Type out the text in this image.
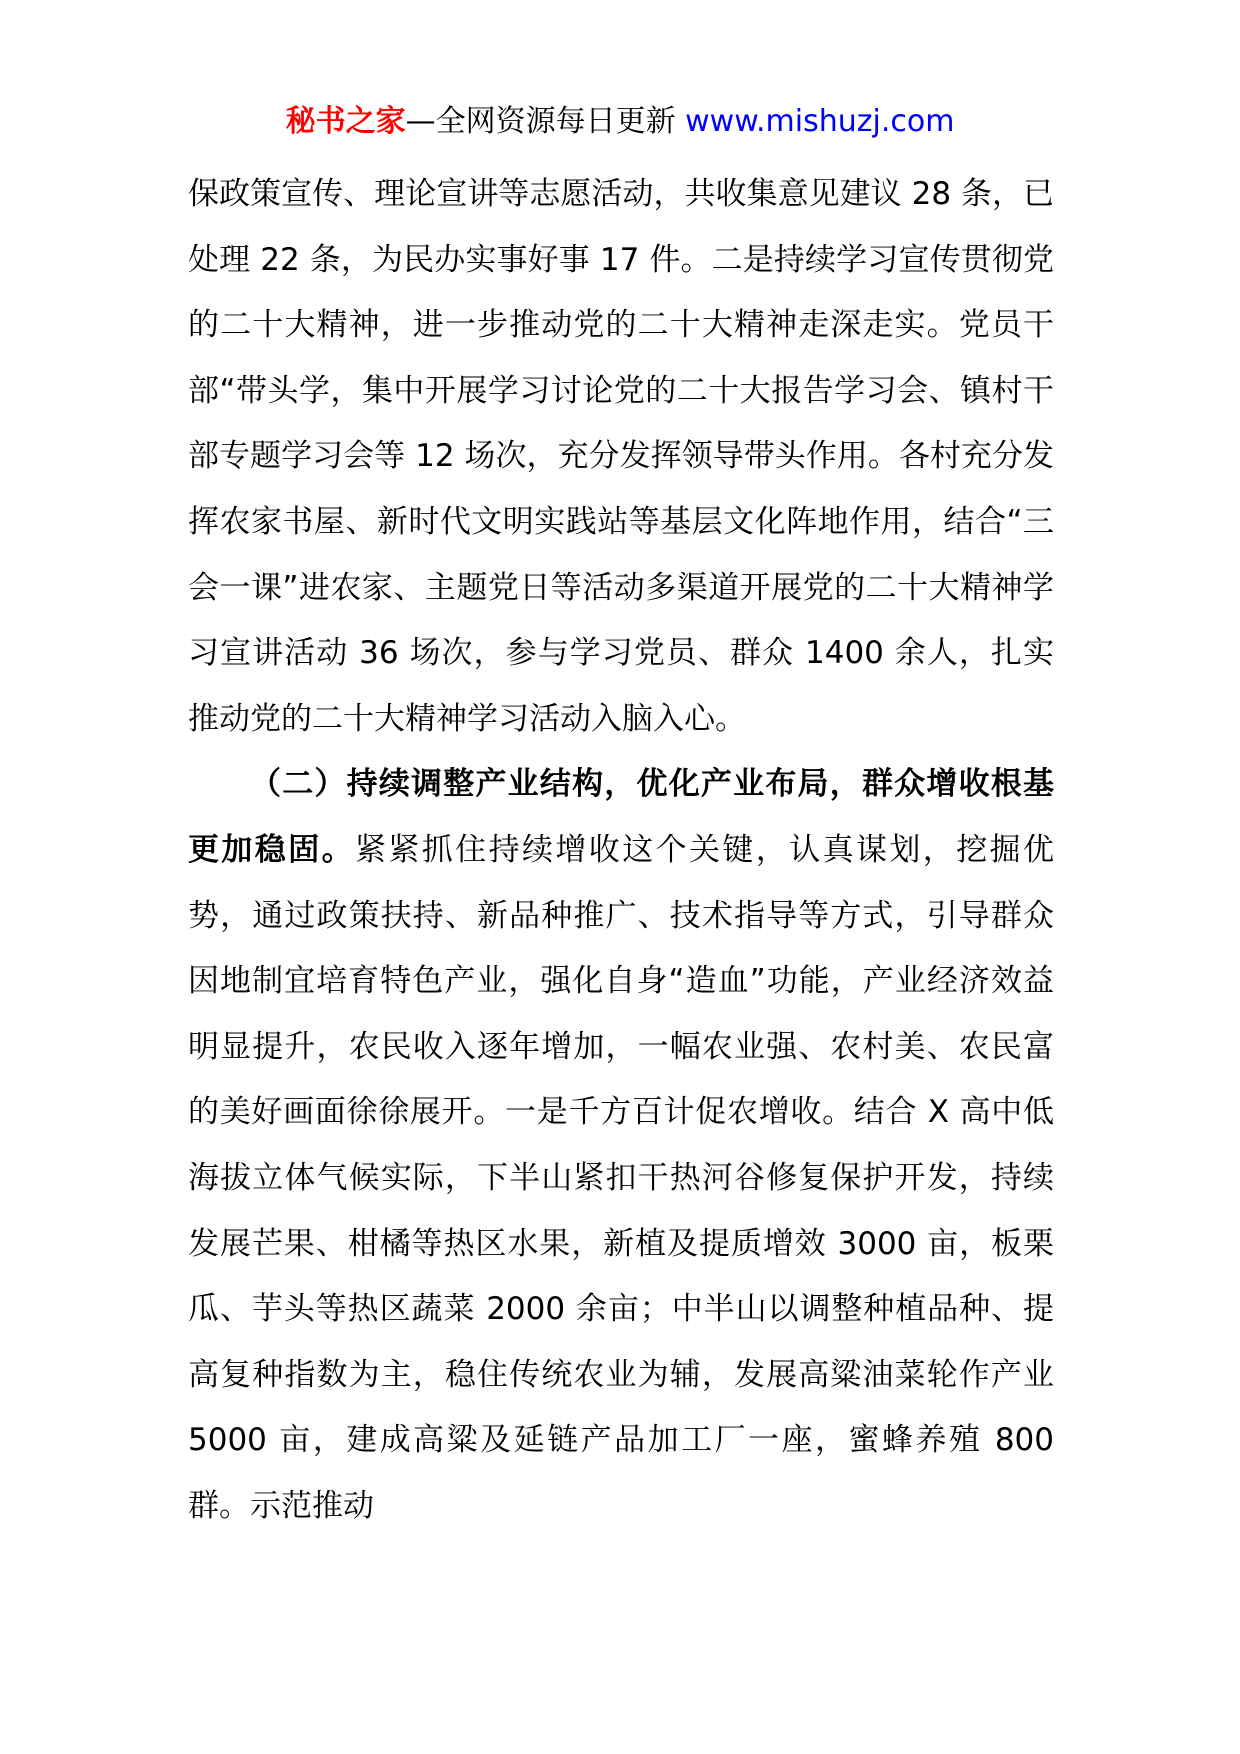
秘书之家—全网资源每日更新 www.mishuzj.com

保政策宣传、理论宣讲等志愿活动，共收集意见建议 28 条，已处理 22 条，为民办实事好事 17 件。二是持续学习宣传贯彻党的二十大精神，进一步推动党的二十大精神走深走实。党员干部“带头学，集中开展学习讨论党的二十大报告学习会、镇村干部专题学习会等 12 场次，充分发挥领导带头作用。各村充分发挥农家书屋、新时代文明实践站等基层文化阵地作用，结合“三会一课”进农家、主题党日等活动多渠道开展党的二十大精神学习宣讲活动 36 场次，参与学习党员、群众 1400 余人，扎实推动党的二十大精神学习活动入脑入心。

（二）持续调整产业结构，优化产业布局，群众增收根基更加稳固。紧紧抓住持续增收这个关键，认真谋划，挖掘优势，通过政策扶持、新品种推广、技术指导等方式，引导群众因地制宜培育特色产业，强化自身“造血”功能，产业经济效益明显提升，农民收入逐年增加，一幅农业强、农村美、农民富的美好画面徐徐展开。一是千方百计促农增收。结合 X 高中低海拔立体气候实际，下半山紧扣干热河谷修复保护开发，持续发展芒果、柑橘等热区水果，新植及提质增效 3000 亩，板栗瓜、芋头等热区蔬菜 2000 余亩；中半山以调整种植品种、提高复种指数为主，稳住传统农业为辅，发展高粱油菜轮作产业 5000 亩，建成高粱及延链产品加工厂一座，蜜蜂养殖 800 群。示范推动
